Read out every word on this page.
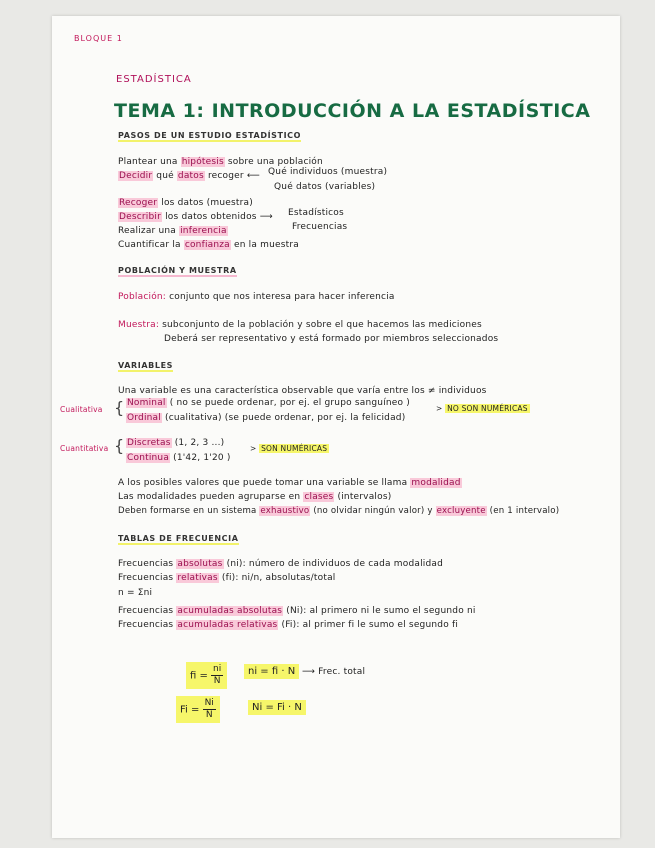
BLOQUE 1
ESTADÍSTICA
TEMA 1: INTRODUCCIÓN A LA ESTADÍSTICA
PASOS DE UN ESTUDIO ESTADÍSTICO
Plantear una hipótesis sobre una población
Decidir qué datos recoger ⟵ Qué individuos (muestra)
Qué datos (variables)
Recoger los datos (muestra)
Describir los datos obtenidos ⟶ Estadísticos
Frecuencias
Realizar una inferencia
Cuantificar la confianza en la muestra
POBLACIÓN Y MUESTRA
Población: conjunto que nos interesa para hacer inferencia
Muestra: subconjunto de la población y sobre el que hacemos las mediciones
Deberá ser representativo y está formado por miembros seleccionados
VARIABLES
Una variable es una característica observable que varía entre los ≠ individuos
Cualitativa { Nominal ( no se puede ordenar, por ej. el grupo sanguíneo )
Ordinal (cualitativa) (se puede ordenar, por ej. la felicidad)
> NO SON NUMÉRICAS
Cuantitativa { Discretas (1, 2, 3 ...)
Continua (1'42, 1'20 )
> SON NUMÉRICAS
A los posibles valores que puede tomar una variable se llama modalidad
Las modalidades pueden agruparse en clases (intervalos)
Deben formarse en un sistema exhaustivo (no olvidar ningún valor) y excluyente (en 1 intervalo)
TABLAS DE FRECUENCIA
Frecuencias absolutas (ni): número de individuos de cada modalidad
Frecuencias relativas (fi): ni/n, absolutas/total
n = Σni
Frecuencias acumuladas absolutas (Ni): al primero ni le sumo el segundo ni
Frecuencias acumuladas relativas (Fi): al primer fi le sumo el segundo fi
fi = $\frac{ni}{N}$	ni = fi · N ⟶ Frec. total
$Fi = \frac{Ni}{N}$	Ni = Fi · N
